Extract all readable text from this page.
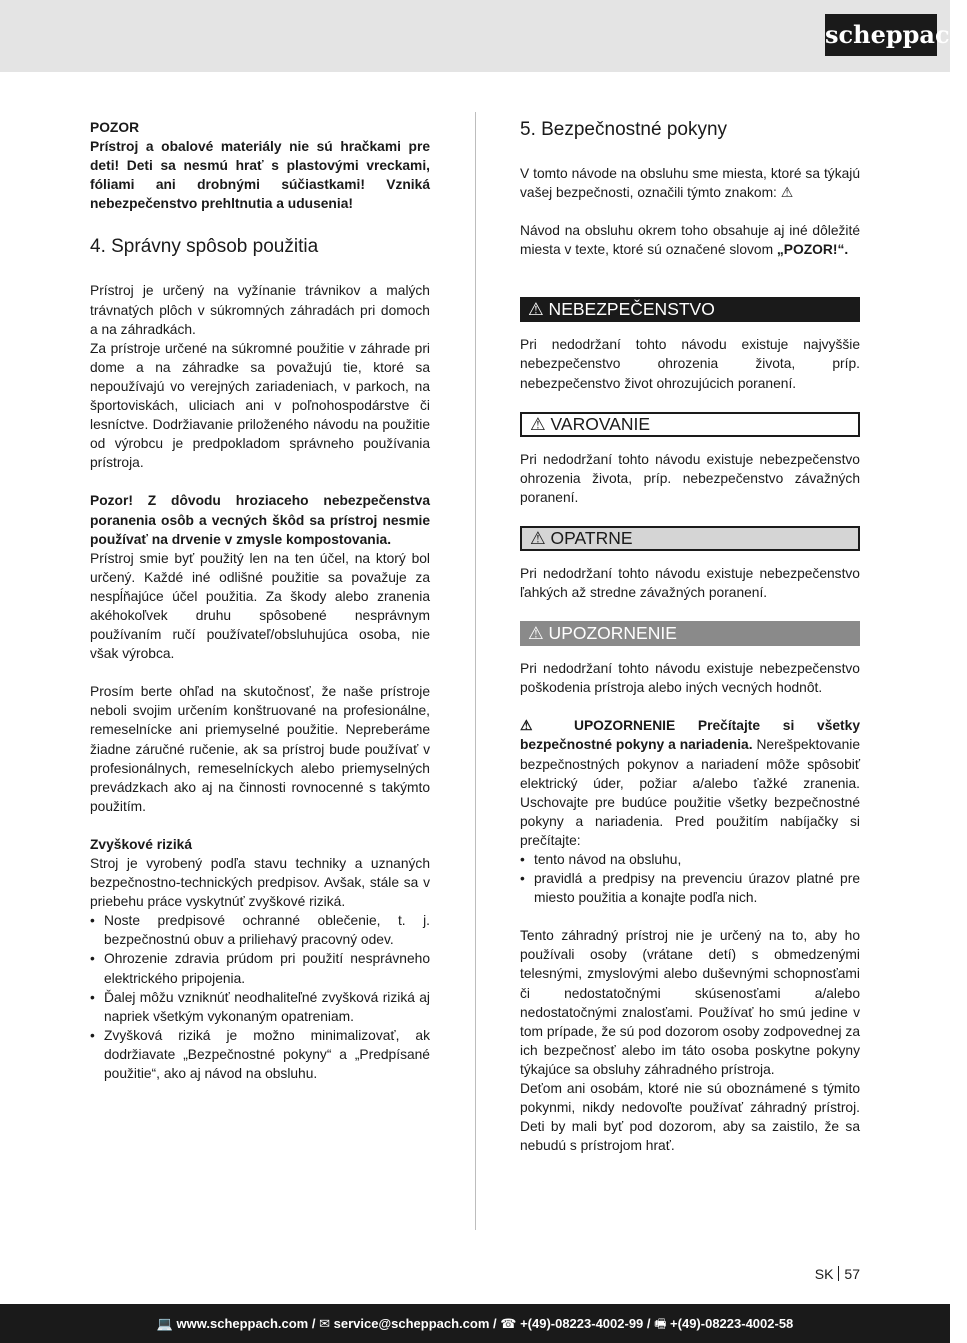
scheppach

POZOR

Prístroj a obalové materiály nie sú hračkami pre deti! Deti sa nesmú hrať s plastovými vreckami, fóliami ani drobnými súčiastkami! Vzniká nebezpečenstvo prehltnutia a udusenia!

4. Správny spôsob použitia

Prístroj je určený na vyžínanie trávnikov a malých trávnatých plôch v súkromných záhradách pri domoch a na záhradkách.

Za prístroje určené na súkromné použitie v záhrade pri dome a na záhradke sa považujú tie, ktoré sa nepoužívajú vo verejných zariadeniach, v parkoch, na športoviskách, uliciach ani v poľnohospodárstve či lesníctve. Dodržiavanie priloženého návodu na použitie od výrobcu je predpokladom správneho používania prístroja.

Pozor! Z dôvodu hroziaceho nebezpečenstva poranenia osôb a vecných škôd sa prístroj nesmie používať na drvenie v zmysle kompostovania.

Prístroj smie byť použitý len na ten účel, na ktorý bol určený. Každé iné odlišné použitie sa považuje za nespĺňajúce účel použitia. Za škody alebo zranenia akéhokoľvek druhu spôsobené nesprávnym používaním ručí používateľ/obsluhujúca osoba, nie však výrobca.

Prosím berte ohľad na skutočnosť, že naše prístroje neboli svojim určením konštruované na profesionálne, remeselnícke ani priemyselné použitie. Nepreberáme žiadne záručné ručenie, ak sa prístroj bude používať v profesionálnych, remeselníckych alebo priemyselných prevádzkach ako aj na činnosti rovnocenné s takýmto použitím.

Zvyškové riziká

Stroj je vyrobený podľa stavu techniky a uznaných bezpečnostno-technických predpisov. Avšak, stále sa v priebehu práce vyskytnúť zvyškové riziká.

• Noste predpisové ochranné oblečenie, t. j. bezpečnostnú obuv a priliehavý pracovný odev.
• Ohrozenie zdravia prúdom pri použití nesprávneho elektrického pripojenia.
• Ďalej môžu vzniknúť neodhaliteľné zvyšková riziká aj napriek všetkým vykonaným opatreniam.
• Zvyšková riziká je možno minimalizovať, ak dodržiavate „Bezpečnostné pokyny“ a „Predpísané použitie“, ako aj návod na obsluhu.
5. Bezpečnostné pokyny

V tomto návode na obsluhu sme miesta, ktoré sa týkajú vašej bezpečnosti, označili týmto znakom: ⚠

Návod na obsluhu okrem toho obsahuje aj iné dôležité miesta v texte, ktoré sú označené slovom „POZOR!“.

⚠ NEBEZPEČENSTVO

Pri nedodržaní tohto návodu existuje najvyššie nebezpečenstvo ohrozenia života, príp. nebezpečenstvo život ohrozujúcich poranení.

⚠ VAROVANIE

Pri nedodržaní tohto návodu existuje nebezpečenstvo ohrozenia života, príp. nebezpečenstvo závažných poranení.

⚠ OPATRNE

Pri nedodržaní tohto návodu existuje nebezpečenstvo ľahkých až stredne závažných poranení.

⚠ UPOZORNENIE

Pri nedodržaní tohto návodu existuje nebezpečenstvo poškodenia prístroja alebo iných vecných hodnôt.

⚠ UPOZORNENIE Prečítajte si všetky bezpečnostné pokyny a nariadenia. Nerešpektovanie bezpečnostných pokynov a nariadení môže spôsobiť elektrický úder, požiar a/alebo ťažké zranenia. Uschovajte pre budúce použitie všetky bezpečnostné pokyny a nariadenia. Pred použitím nabíjačky si prečítajte:

• tento návod na obsluhu,
• pravidlá a predpisy na prevenciu úrazov platné pre miesto použitia a konajte podľa nich.

Tento záhradný prístroj nie je určený na to, aby ho používali osoby (vrátane detí) s obmedzenými telesnými, zmyslovými alebo duševnými schopnosťami či nedostatočnými skúsenosťami a/alebo nedostatočnými znalosťami. Používať ho smú jedine v tom prípade, že sú pod dozorom osoby zodpovednej za ich bezpečnosť alebo im táto osoba poskytne pokyny týkajúce sa obsluhy záhradného prístroja.

Deťom ani osobám, ktoré nie sú oboznámené s týmito pokynmi, nikdy nedovoľte používať záhradný prístroj. Deti by mali byť pod dozorom, aby sa zaistilo, že sa nebudú s prístrojom hrať.

SK 57
💻 www.scheppach.com / ✉ service@scheppach.com / ☎ +(49)-08223-4002-99 / 🖷 +(49)-08223-4002-58
